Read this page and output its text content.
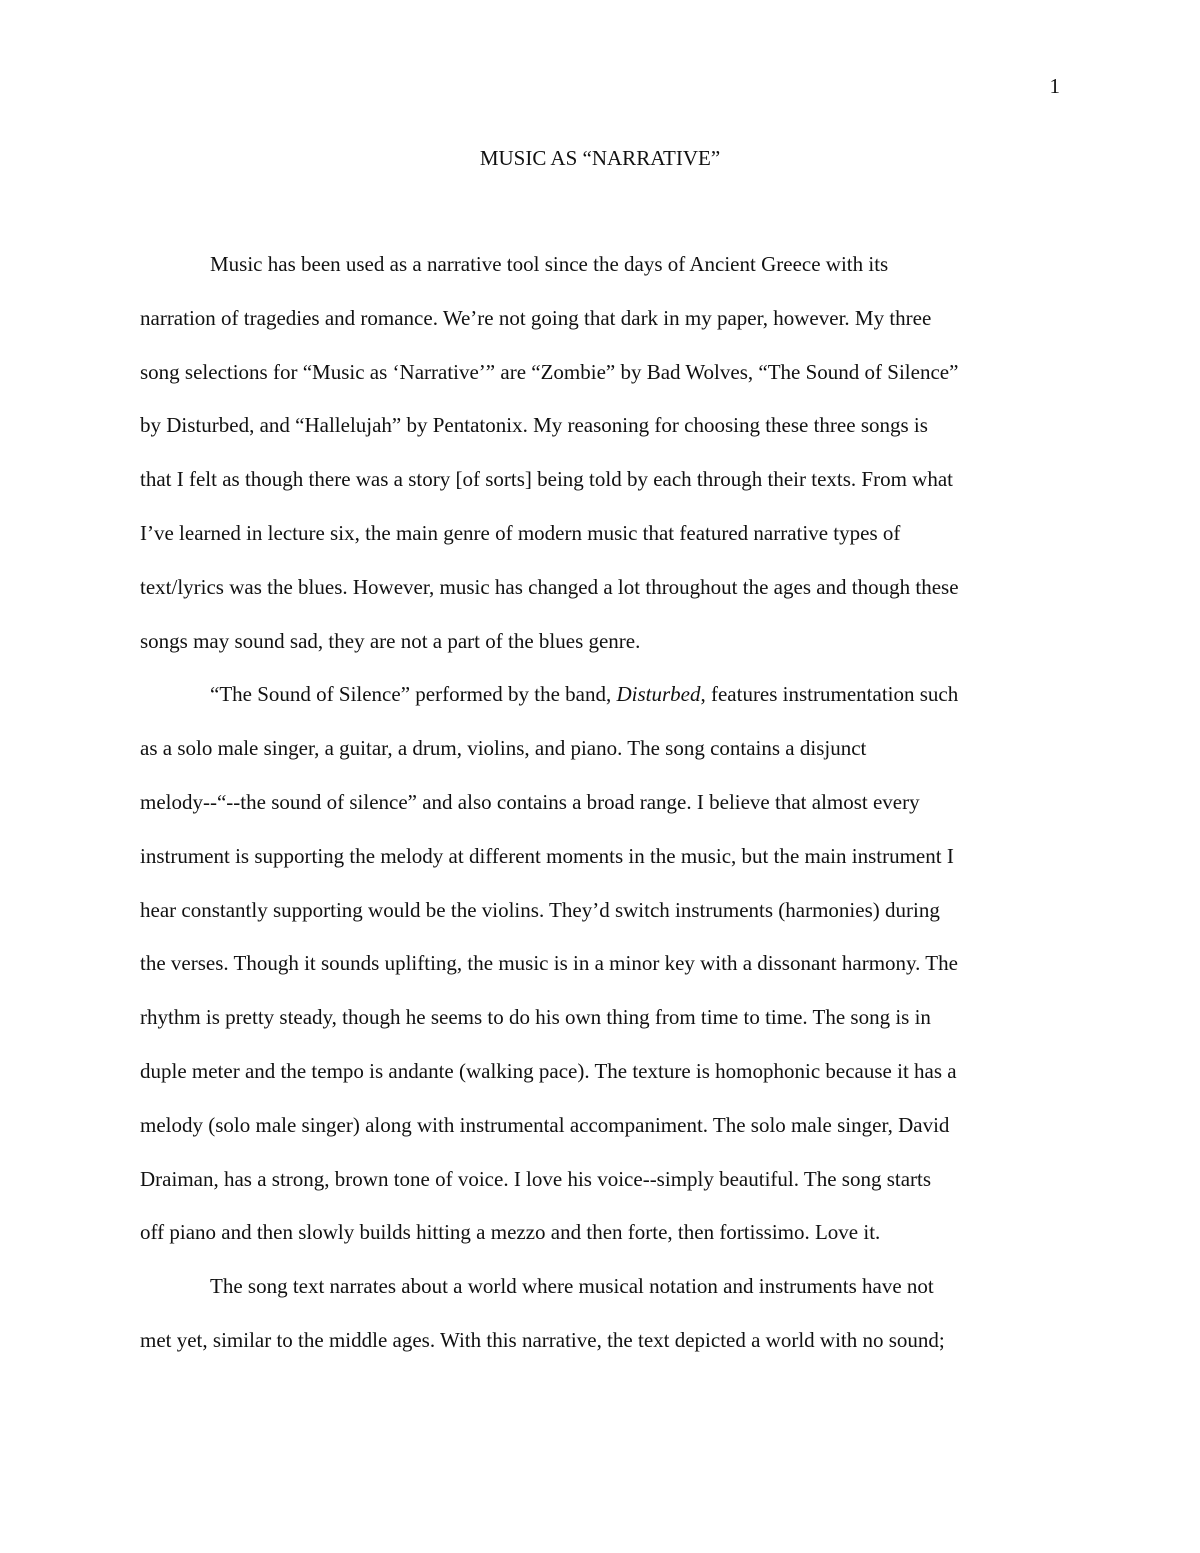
1
MUSIC AS “NARRATIVE”
Music has been used as a narrative tool since the days of Ancient Greece with its
narration of tragedies and romance. We’re not going that dark in my paper, however. My three
song selections for “Music as ‘Narrative’” are “Zombie” by Bad Wolves, “The Sound of Silence”
by Disturbed, and “Hallelujah” by Pentatonix. My reasoning for choosing these three songs is
that I felt as though there was a story [of sorts] being told by each through their texts. From what
I’ve learned in lecture six, the main genre of modern music that featured narrative types of
text/lyrics was the blues. However, music has changed a lot throughout the ages and though these
songs may sound sad, they are not a part of the blues genre.
“The Sound of Silence” performed by the band, Disturbed, features instrumentation such
as a solo male singer, a guitar, a drum, violins, and piano. The song contains a disjunct
melody--“--the sound of silence” and also contains a broad range. I believe that almost every
instrument is supporting the melody at different moments in the music, but the main instrument I
hear constantly supporting would be the violins. They’d switch instruments (harmonies) during
the verses. Though it sounds uplifting, the music is in a minor key with a dissonant harmony. The
rhythm is pretty steady, though he seems to do his own thing from time to time. The song is in
duple meter and the tempo is andante (walking pace). The texture is homophonic because it has a
melody (solo male singer) along with instrumental accompaniment. The solo male singer, David
Draiman, has a strong, brown tone of voice. I love his voice--simply beautiful. The song starts
off piano and then slowly builds hitting a mezzo and then forte, then fortissimo. Love it.
The song text narrates about a world where musical notation and instruments have not
met yet, similar to the middle ages. With this narrative, the text depicted a world with no sound;
